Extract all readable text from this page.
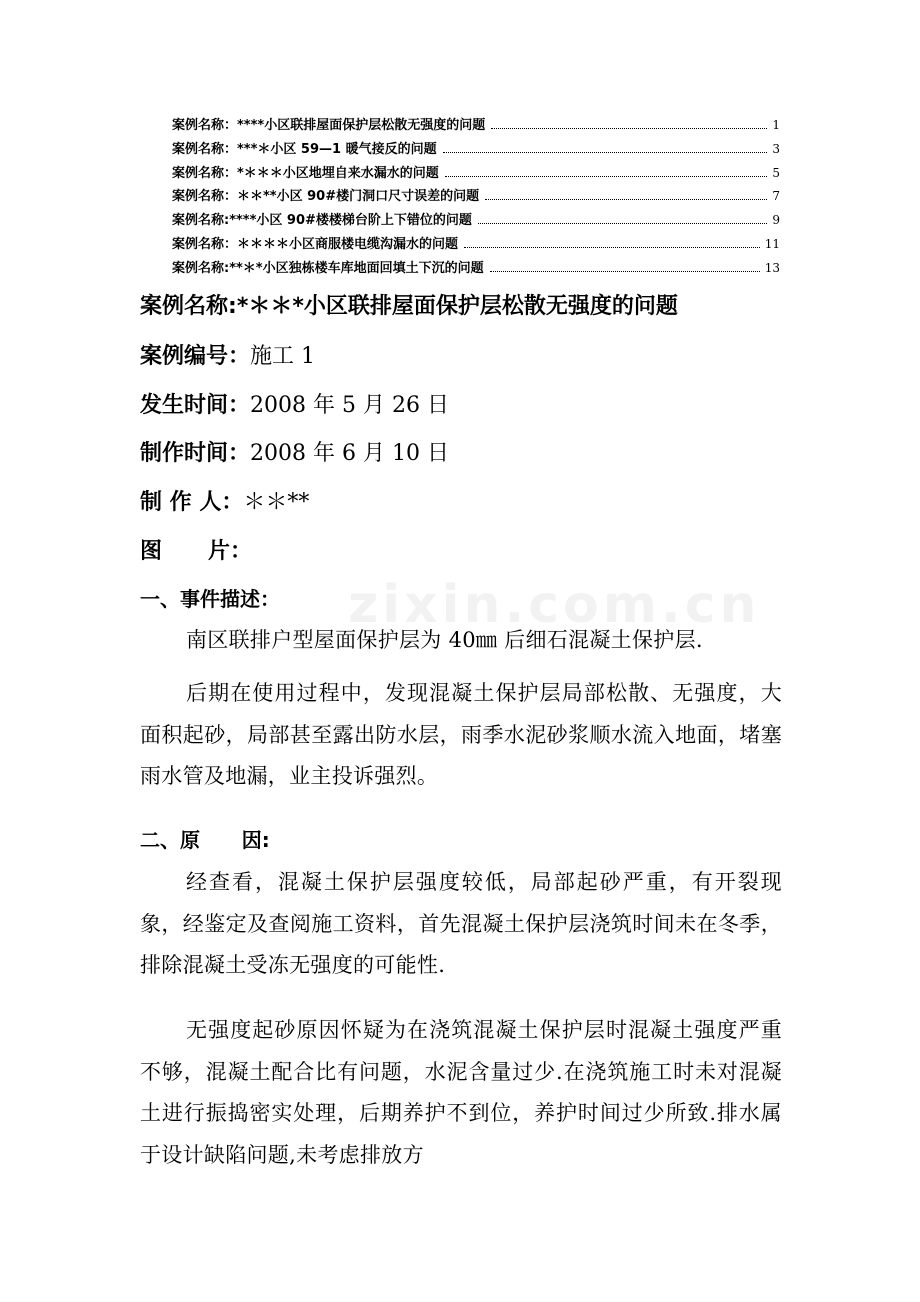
zixin.com.cn
案例名称：****小区联排屋面保护层松散无强度的问题	1
案例名称：***＊小区 59—1 暖气接反的问题	3
案例名称：*＊＊＊小区地埋自来水漏水的问题	5
案例名称：＊＊**小区 90#楼门洞口尺寸误差的问题	7
案例名称:****小区 90#楼楼梯台阶上下错位的问题	9
案例名称：＊＊＊＊小区商服楼电缆沟漏水的问题	11
案例名称:**＊*小区独栋楼车库地面回填土下沉的问题	13
案例名称:*＊＊*小区联排屋面保护层松散无强度的问题
案例编号：施工 1
发生时间：2008 年 5 月 26 日
制作时间：2008 年 6 月 10 日
制 作 人：＊＊**
图      片：
一、事件描述：
南区联排户型屋面保护层为 40㎜ 后细石混凝土保护层.
后期在使用过程中，发现混凝土保护层局部松散、无强度，大面积起砂，局部甚至露出防水层，雨季水泥砂浆顺水流入地面，堵塞雨水管及地漏，业主投诉强烈。
二、原      因:
经查看，混凝土保护层强度较低，局部起砂严重，有开裂现象，经鉴定及查阅施工资料，首先混凝土保护层浇筑时间未在冬季，排除混凝土受冻无强度的可能性.
无强度起砂原因怀疑为在浇筑混凝土保护层时混凝土强度严重不够，混凝土配合比有问题，水泥含量过少.在浇筑施工时未对混凝土进行振捣密实处理，后期养护不到位，养护时间过少所致.排水属于设计缺陷问题,未考虑排放方
